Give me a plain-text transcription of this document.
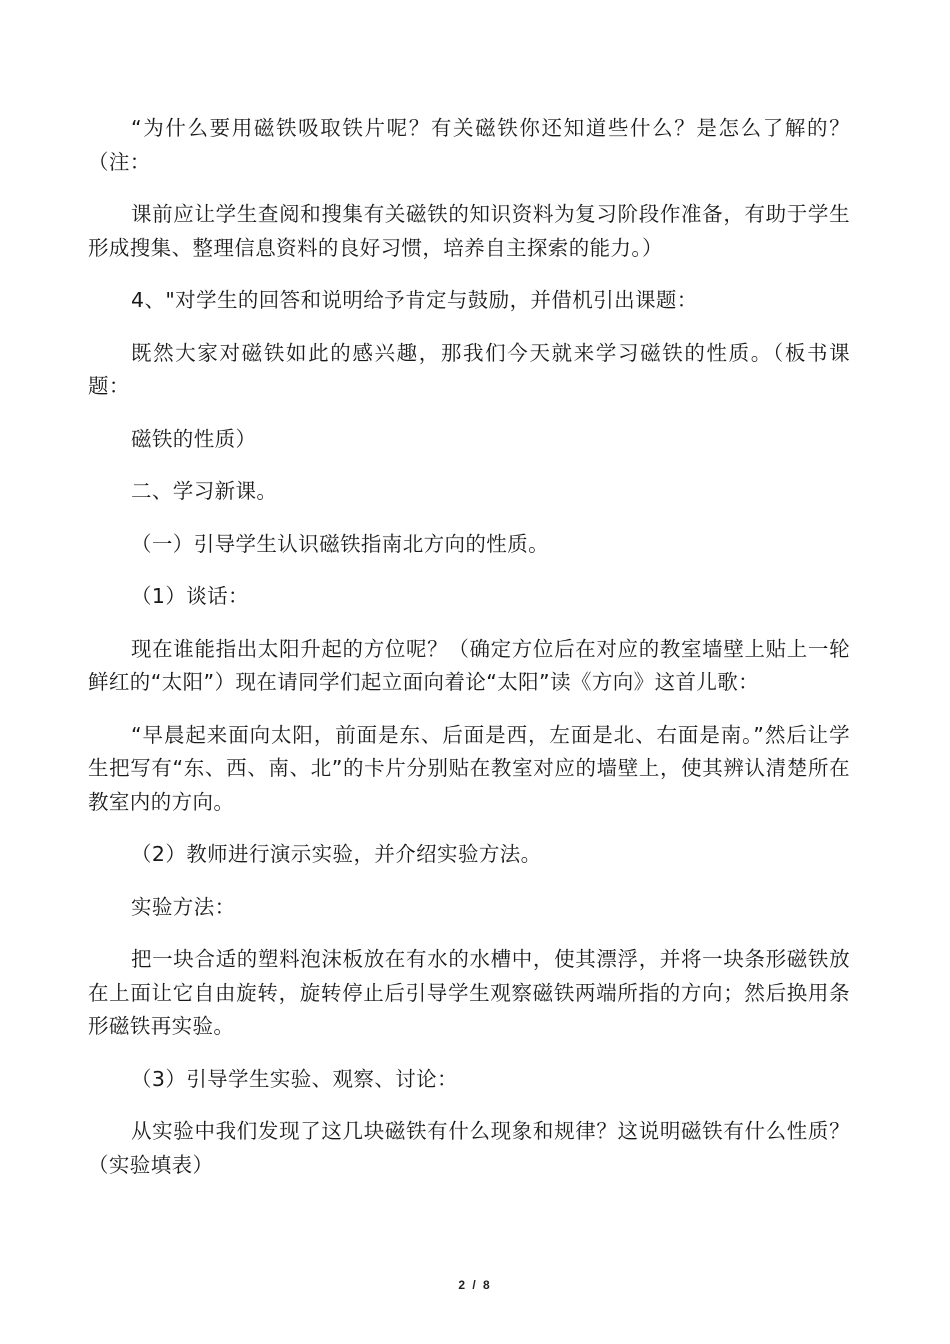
“为什么要用磁铁吸取铁片呢？有关磁铁你还知道些什么？是怎么了解的？（注：

课前应让学生查阅和搜集有关磁铁的知识资料为复习阶段作准备，有助于学生形成搜集、整理信息资料的良好习惯，培养自主探索的能力。）

4、"对学生的回答和说明给予肯定与鼓励，并借机引出课题：

既然大家对磁铁如此的感兴趣，那我们今天就来学习磁铁的性质。（板书课题：

磁铁的性质）

二、学习新课。

（一）引导学生认识磁铁指南北方向的性质。

（1）谈话：

现在谁能指出太阳升起的方位呢？（确定方位后在对应的教室墙壁上贴上一轮鲜红的“太阳”）现在请同学们起立面向着论“太阳”读《方向》这首儿歌：

“早晨起来面向太阳，前面是东、后面是西，左面是北、右面是南。”然后让学生把写有“东、西、南、北”的卡片分别贴在教室对应的墙壁上，使其辨认清楚所在教室内的方向。

（2）教师进行演示实验，并介绍实验方法。

实验方法：

把一块合适的塑料泡沫板放在有水的水槽中，使其漂浮，并将一块条形磁铁放在上面让它自由旋转，旋转停止后引导学生观察磁铁两端所指的方向；然后换用条形磁铁再实验。

（3）引导学生实验、观察、讨论：

从实验中我们发现了这几块磁铁有什么现象和规律？这说明磁铁有什么性质？（实验填表）

2 / 8
